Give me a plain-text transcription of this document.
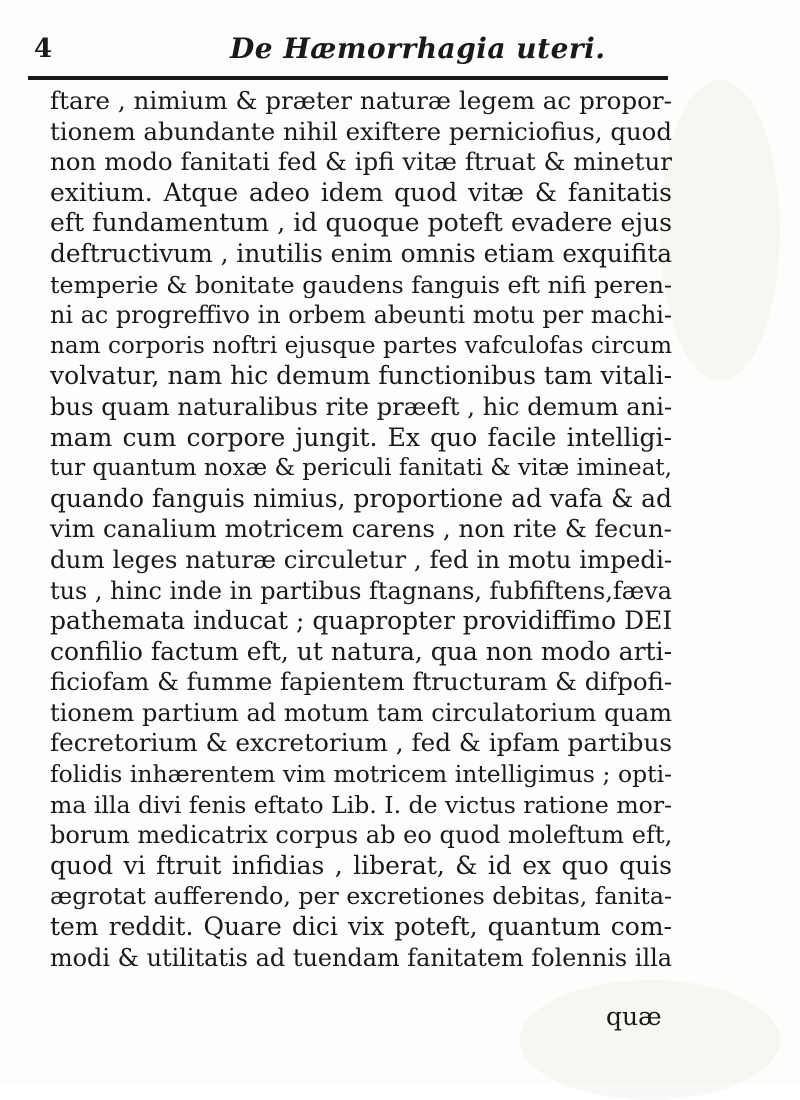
4	De Hæmorrhagia uteri.
ftare , nimium & præter naturæ legem ac propor-
tionem abundante nihil exiftere perniciofius, quod
non modo fanitati fed & ipfi vitæ ftruat & minetur
exitium. Atque adeo idem quod vitæ & fanitatis
eft fundamentum , id quoque poteft evadere ejus
deftructivum , inutilis enim omnis etiam exquifita
temperie & bonitate gaudens fanguis eft nifi peren-
ni ac progreffivo in orbem abeunti motu per machi-
nam corporis noftri ejusque partes vafculofas circum
volvatur, nam hic demum functionibus tam vitali-
bus quam naturalibus rite præeft , hic demum ani-
mam cum corpore jungit. Ex quo facile intelligi-
tur quantum noxæ & periculi fanitati & vitæ imineat,
quando fanguis nimius, proportione ad vafa & ad
vim canalium motricem carens , non rite & fecun-
dum leges naturæ circuletur , fed in motu impedi-
tus , hinc inde in partibus ftagnans, fubfiftens,fæva
pathemata inducat ; quapropter providiffimo DEI
confilio factum eft, ut natura, qua non modo arti-
ficiofam & fumme fapientem ftructuram & difpofi-
tionem partium ad motum tam circulatorium quam
fecretorium & excretorium , fed & ipfam partibus
folidis inhærentem vim motricem intelligimus ; opti-
ma illa divi fenis eftato Lib. I. de victus ratione mor-
borum medicatrix corpus ab eo quod moleftum eft,
quod vi ftruit infidias , liberat, & id ex quo quis
ægrotat aufferendo, per excretiones debitas, fanita-
tem reddit. Quare dici vix poteft, quantum com-
modi & utilitatis ad tuendam fanitatem folennis illa
quæ
